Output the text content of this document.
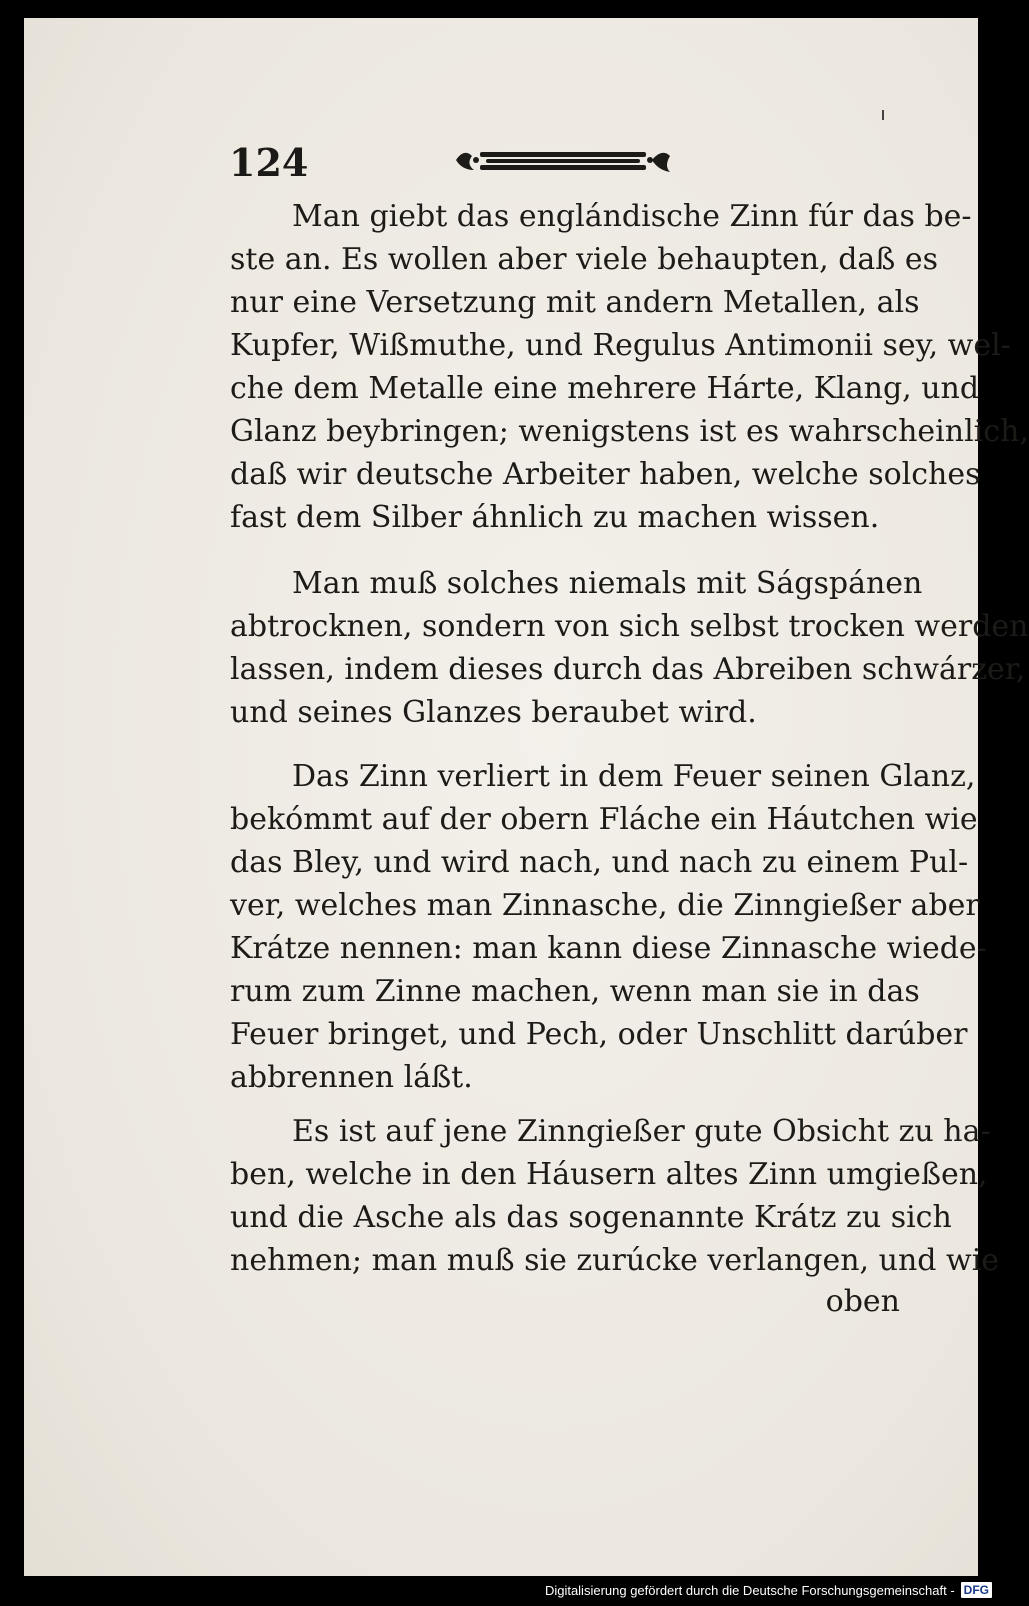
124
Man giebt das englándische Zinn fúr das be-
ste an. Es wollen aber viele behaupten, daß es
nur eine Versetzung mit andern Metallen, als
Kupfer, Wißmuthe, und Regulus Antimonii sey, wel-
che dem Metalle eine mehrere Hárte, Klang, und
Glanz beybringen; wenigstens ist es wahrscheinlich,
daß wir deutsche Arbeiter haben, welche solches
fast dem Silber áhnlich zu machen wissen.
Man muß solches niemals mit Ságspánen
abtrocknen, sondern von sich selbst trocken werden
lassen, indem dieses durch das Abreiben schwárzer,
und seines Glanzes beraubet wird.
Das Zinn verliert in dem Feuer seinen Glanz,
bekómmt auf der obern Fláche ein Háutchen wie
das Bley, und wird nach, und nach zu einem Pul-
ver, welches man Zinnasche, die Zinngießer aber
Krátze nennen: man kann diese Zinnasche wiede-
rum zum Zinne machen, wenn man sie in das
Feuer bringet, und Pech, oder Unschlitt darúber
abbrennen láßt.
Es ist auf jene Zinngießer gute Obsicht zu ha-
ben, welche in den Háusern altes Zinn umgießen,
und die Asche als das sogenannte Krátz zu sich
nehmen; man muß sie zurúcke verlangen, und wie
oben
Digitalisierung gefördert durch die Deutsche Forschungsgemeinschaft - DFG
